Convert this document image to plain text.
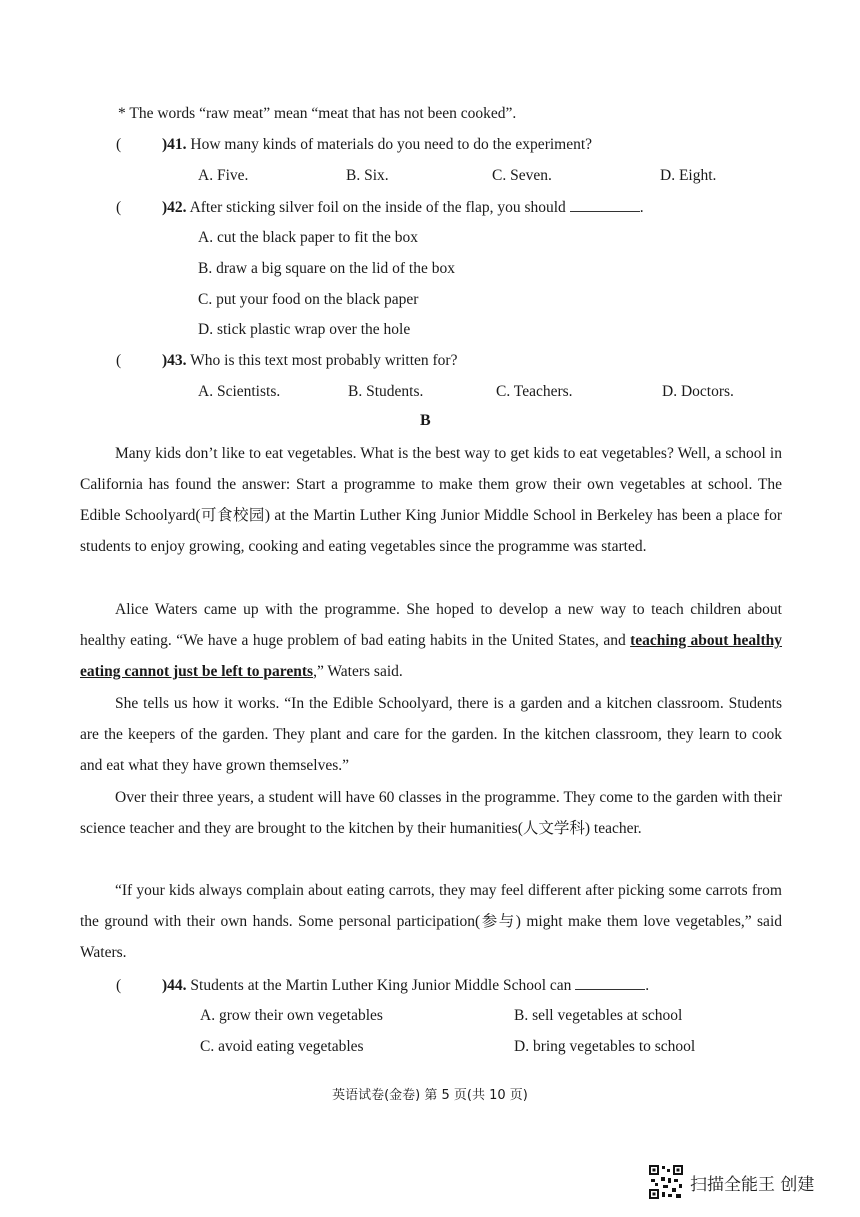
* The words “raw meat” mean “meat that has not been cooked”.
(	)41. How many kinds of materials do you need to do the experiment?
A. Five.	B. Six.	C. Seven.	D. Eight.
(	)42. After sticking silver foil on the inside of the flap, you should	.
A. cut the black paper to fit the box
B. draw a big square on the lid of the box
C. put your food on the black paper
D. stick plastic wrap over the hole
(	)43. Who is this text most probably written for?
A. Scientists.	B. Students.	C. Teachers.	D. Doctors.
B
Many kids don’t like to eat vegetables. What is the best way to get kids to eat vegetables? Well, a school in California has found the answer: Start a programme to make them grow their own vegetables at school. The Edible Schoolyard(可食校园) at the Martin Luther King Junior Middle School in Berkeley has been a place for students to enjoy growing, cooking and eating vegetables since the programme was started.
Alice Waters came up with the programme. She hoped to develop a new way to teach children about healthy eating. “We have a huge problem of bad eating habits in the United States, and teaching about healthy eating cannot just be left to parents,” Waters said.
She tells us how it works. “In the Edible Schoolyard, there is a garden and a kitchen classroom. Students are the keepers of the garden. They plant and care for the garden. In the kitchen classroom, they learn to cook and eat what they have grown themselves.”
Over their three years, a student will have 60 classes in the programme. They come to the garden with their science teacher and they are brought to the kitchen by their humanities(人文学科) teacher.
“If your kids always complain about eating carrots, they may feel different after picking some carrots from the ground with their own hands. Some personal participation(参与) might make them love vegetables,” said Waters.
(	)44. Students at the Martin Luther King Junior Middle School can	.
A. grow their own vegetables	B. sell vegetables at school
C. avoid eating vegetables	D. bring vegetables to school
英语试卷(金卷) 第 5 页(共 10 页)
扫描全能王 创建
